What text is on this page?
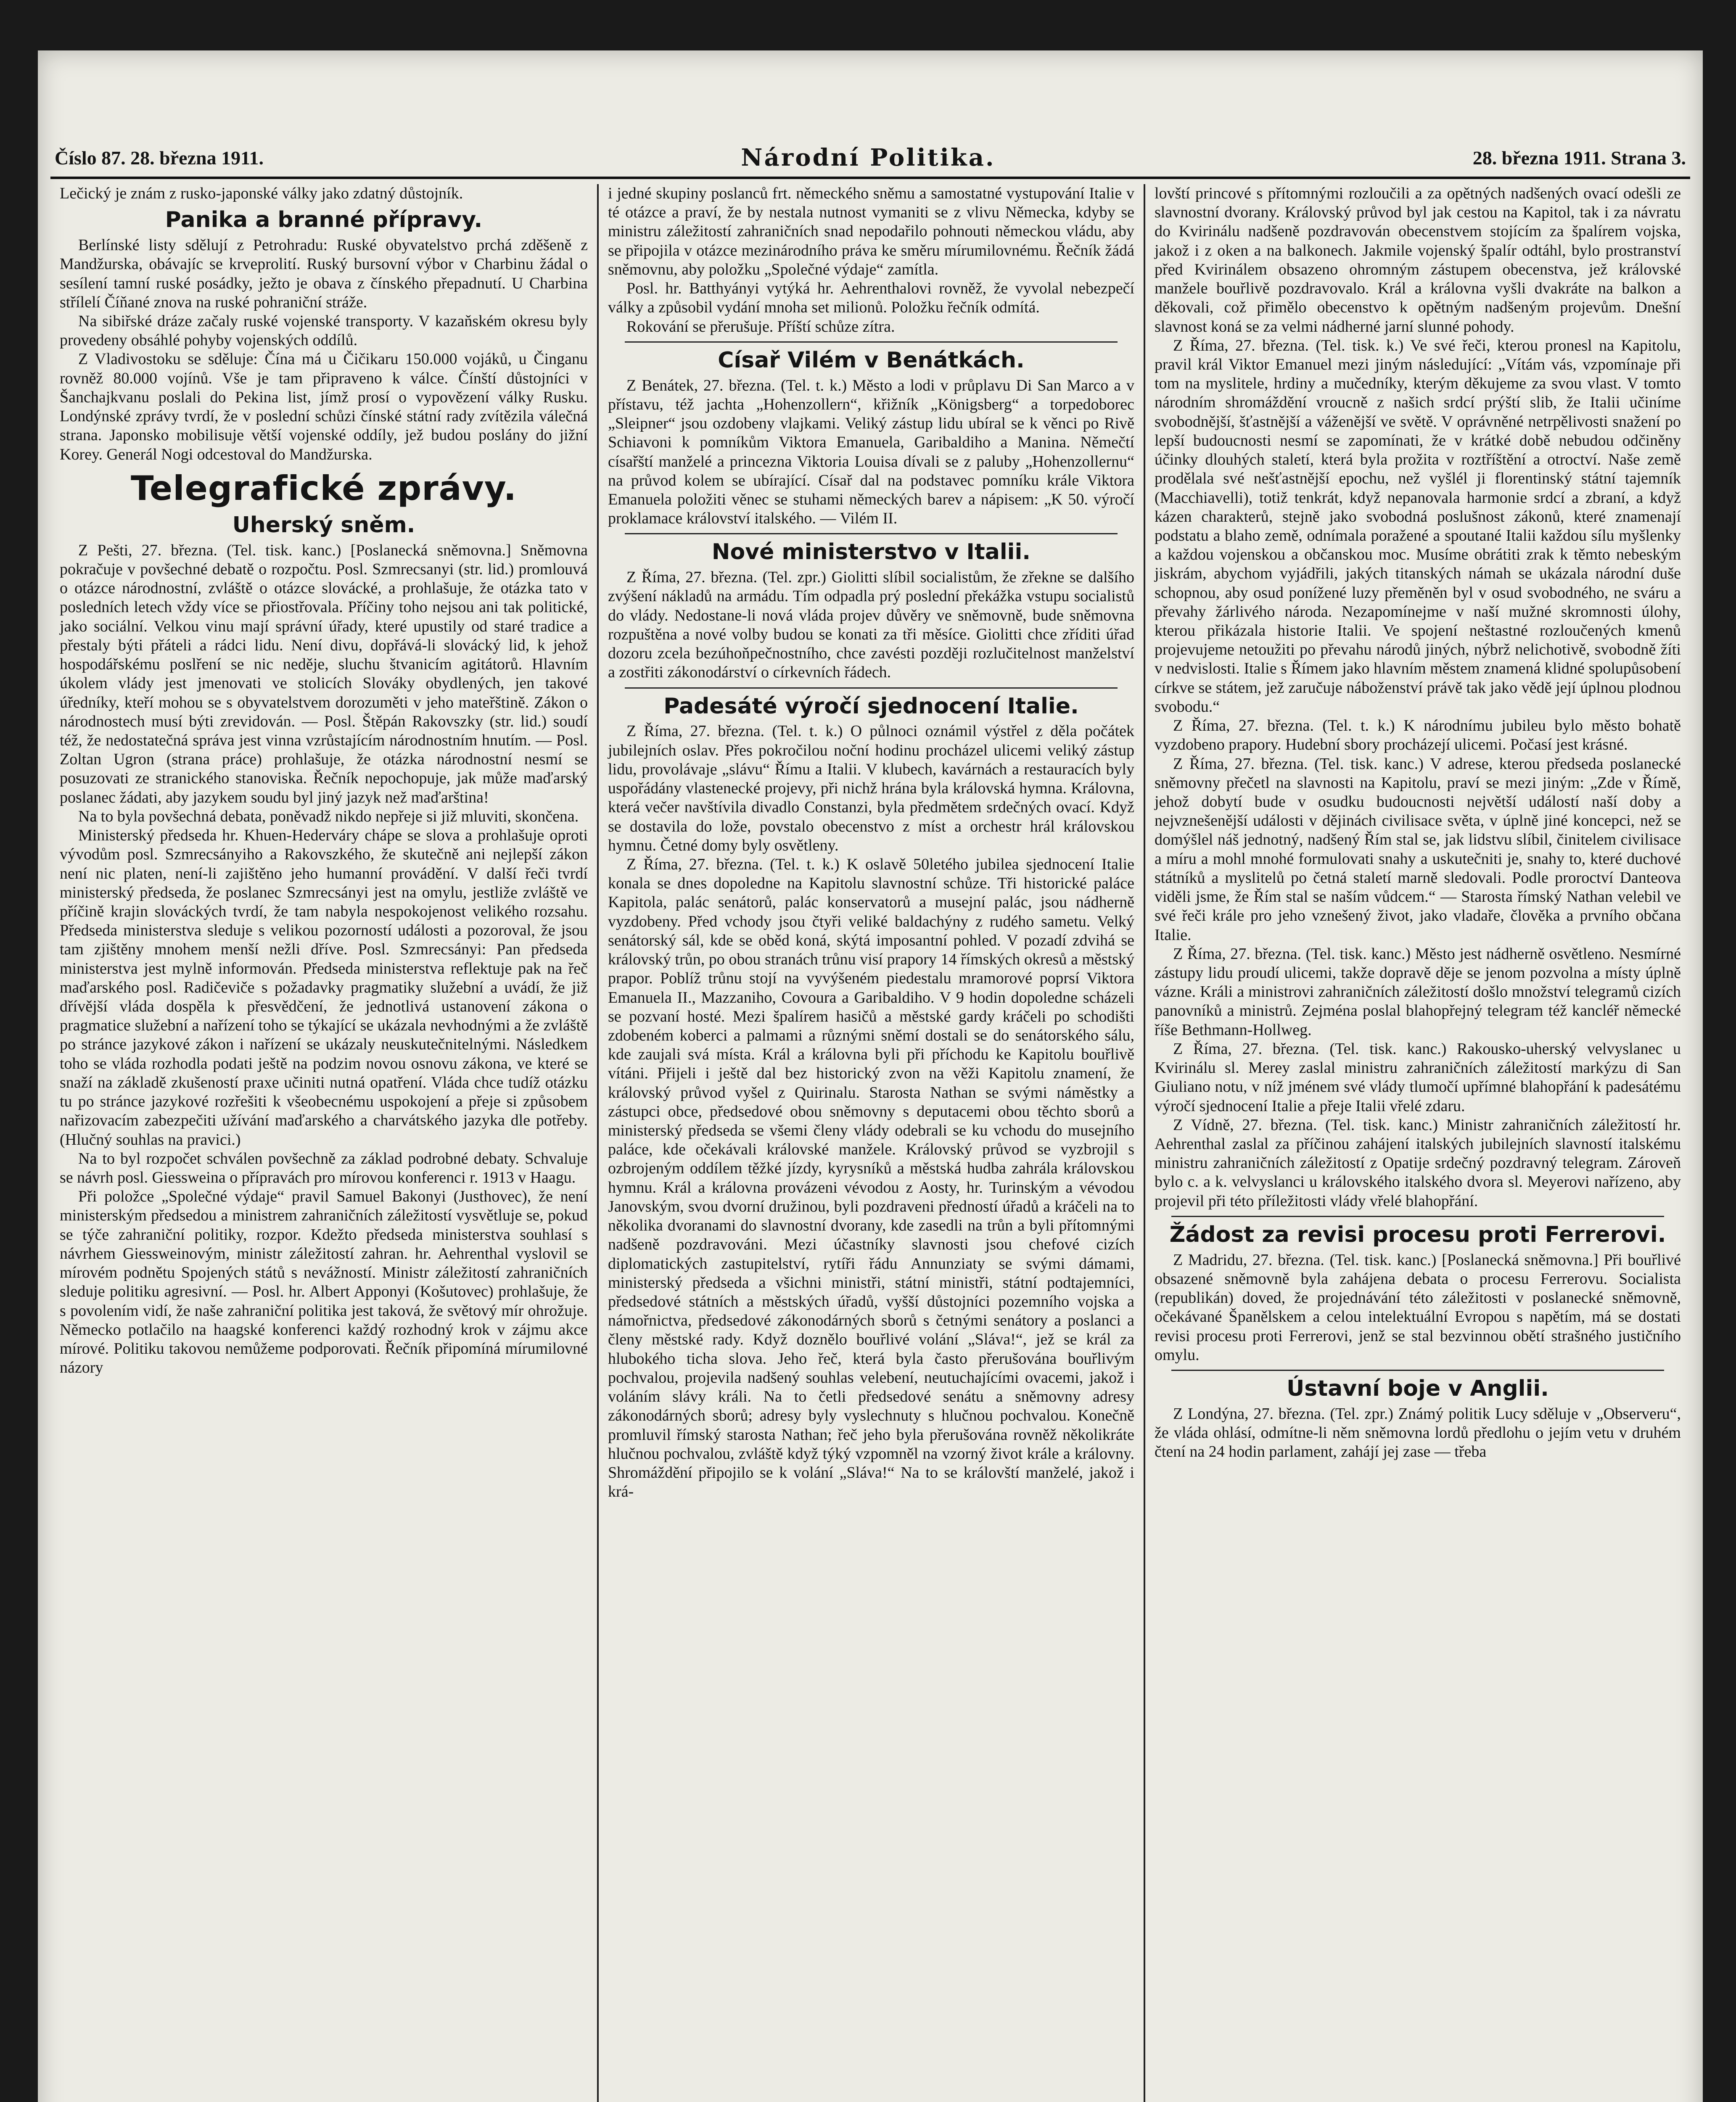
Číslo 87. 28. března 1911.	Národní Politika.	28. března 1911. Strana 3.

Lečický je znám z rusko-japonské války jako zdatný důstojník.

Panika a branné přípravy.

Berlínské listy sdělují z Petrohradu: Ruské obyvatelstvo prchá zděšeně z Mandžurska, obávajíc se krveprolití. Ruský bursovní výbor v Charbinu žádal o sesílení tamní ruské posádky, ježto je obava z čínského přepadnutí. U Charbina střílelí Číňané znova na ruské pohraniční stráže.

Na sibiřské dráze začaly ruské vojenské transporty. V kazaňském okresu byly provedeny obsáhlé pohyby vojenských oddílů.

Z Vladivostoku se sděluje: Čína má u Čičikaru 150.000 vojáků, u Činganu rovněž 80.000 vojínů. Vše je tam připraveno k válce. Čínští důstojníci v Šanchajkvanu poslali do Pekina list, jímž prosí o vypovězení války Rusku. Londýnské zprávy tvrdí, že v poslední schůzi čínské státní rady zvítězila válečná strana. Japonsko mobilisuje větší vojenské oddíly, jež budou poslány do jižní Korey. Generál Nogi odcestoval do Mandžurska.

Telegrafické zprávy.
Uherský sněm.

Z Pešti, 27. března. (Tel. tisk. kanc.) [Poslanecká sněmovna.] Sněmovna pokračuje v povšechné debatě o rozpočtu. Posl. Szmrecsanyi (str. lid.) promlouvá o otázce národnostní, zvláště o otázce slovácké, a prohlašuje, že otázka tato v posledních letech vždy více se přiostřovala. Příčiny toho nejsou ani tak politické, jako sociální. Velkou vinu mají správní úřady, které upustily od staré tradice a přestaly býti přáteli a rádci lidu. Není divu, dopřává-li slovácký lid, k jehož hospodářskému poslření se nic neděje, sluchu štvanicím agitátorů. Hlavním úkolem vlády jest jmenovati ve stolicích Slováky obydlených, jen takové úředníky, kteří mohou se s obyvatelstvem dorozuměti v jeho mateřštině. Zákon o národnostech musí býti zrevidován. — Posl. Štěpán Rakovszky (str. lid.) soudí též, že nedostatečná správa jest vinna vzrůstajícím národnostním hnutím. — Posl. Zoltan Ugron (strana práce) prohlašuje, že otázka národnostní nesmí se posuzovati ze stranického stanoviska. Řečník nepochopuje, jak může maďarský poslanec žádati, aby jazykem soudu byl jiný jazyk než maďarština!

Na to byla povšechná debata, poněvadž nikdo nepřeje si již mluviti, skončena.

Ministerský předseda hr. Khuen-Hederváry chápe se slova a prohlašuje oproti vývodům posl. Szmrecsányiho a Rakovszkého, že skutečně ani nejlepší zákon není nic platen, není-li zajištěno jeho humanní provádění. V další řeči tvrdí ministerský předseda, že poslanec Szmrecsányi jest na omylu, jestliže zvláště ve příčině krajin slováckých tvrdí, že tam nabyla nespokojenost velikého rozsahu. Předseda ministerstva sleduje s velikou pozorností události a pozoroval, že jsou tam zjištěny mnohem menší nežli dříve. Posl. Szmrecsányi: Pan předseda ministerstva jest mylně informován. Předseda ministerstva reflektuje pak na řeč maďarského posl. Radičeviče s požadavky pragmatiky služební a uvádí, že již dřívější vláda dospěla k přesvědčení, že jednotlivá ustanovení zákona o pragmatice služební a nařízení toho se týkající se ukázala nevhodnými a že zvláště po stránce jazykové zákon i nařízení se ukázaly neuskutečnitelnými. Následkem toho se vláda rozhodla podati ještě na podzim novou osnovu zákona, ve které se snaží na základě zkušeností praxe učiniti nutná opatření. Vláda chce tudíž otázku tu po stránce jazykové rozřešiti k všeobecnému uspokojení a přeje si způsobem nařizovacím zabezpečiti užívání maďarského a charvátského jazyka dle potřeby. (Hlučný souhlas na pravici.)

Na to byl rozpočet schválen povšechně za základ podrobné debaty. Schvaluje se návrh posl. Giessweina o přípravách pro mírovou konferenci r. 1913 v Haagu.

Při položce „Společné výdaje“ pravil Samuel Bakonyi (Justhovec), že není ministerským předsedou a ministrem zahraničních záležitostí vysvětluje se, pokud se týče zahraniční politiky, rozpor. Kdežto předseda ministerstva souhlasí s návrhem Giessweinovým, ministr záležitostí zahran. hr. Aehrenthal vyslovil se mírovém podnětu Spojených států s nevážností. Ministr záležitostí zahraničních sleduje politiku agresivní. — Posl. hr. Albert Apponyi (Košutovec) prohlašuje, že s povolením vidí, že naše zahraniční politika jest taková, že světový mír ohrožuje. Německo potlačilo na haagské konferenci každý rozhodný krok v zájmu akce mírové. Politiku takovou nemůžeme podporovati. Řečník připomíná mírumilovné názory

i jedné skupiny poslanců frt. německého sněmu a samostatné vystupování Italie v té otázce a praví, že by nestala nutnost vymaniti se z vlivu Německa, kdyby se ministru záležitostí zahraničních snad nepodařilo pohnouti německou vládu, aby se připojila v otázce mezinárodního práva ke směru mírumilovnému. Řečník žádá sněmovnu, aby položku „Společné výdaje“ zamítla.

Posl. hr. Batthyányi vytýká hr. Aehrenthalovi rovněž, že vyvolal nebezpečí války a způsobil vydání mnoha set milionů. Položku řečník odmítá.

Rokování se přerušuje. Příští schůze zítra.

Císař Vilém v Benátkách.

Z Benátek, 27. března. (Tel. t. k.) Město a lodi v průplavu Di San Marco a v přístavu, též jachta „Hohenzollern“, křižník „Königsberg“ a torpedoborec „Sleipner“ jsou ozdobeny vlajkami. Veliký zástup lidu ubíral se k věnci po Rivě Schiavoni k pomníkům Viktora Emanuela, Garibaldiho a Manina. Němečtí císařští manželé a princezna Viktoria Louisa dívali se z paluby „Hohenzollernu“ na průvod kolem se ubírající. Císař dal na podstavec pomníku krále Viktora Emanuela položiti věnec se stuhami německých barev a nápisem: „K 50. výročí proklamace království italského. — Vilém II.

Nové ministerstvo v Italii.

Z Říma, 27. března. (Tel. zpr.) Giolitti slíbil socialistům, že zřekne se dalšího zvýšení nákladů na armádu. Tím odpadla prý poslední překážka vstupu socialistů do vlády. Nedostane-li nová vláda projev důvěry ve sněmovně, bude sněmovna rozpuštěna a nové volby budou se konati za tři měsíce. Giolitti chce zříditi úřad dozoru zcela bezúhoňpečnostního, chce zavésti později rozlučitelnost manželství a zostřiti zákonodárství o církevních řádech.

Padesáté výročí sjednocení Italie.

Z Říma, 27. března. (Tel. t. k.) O půlnoci oznámil výstřel z děla počátek jubilejních oslav. Přes pokročilou noční hodinu procházel ulicemi veliký zástup lidu, provolávaje „slávu“ Římu a Italii. V klubech, kavárnách a restauracích byly uspořádány vlastenecké projevy, při nichž hrána byla královská hymna. Královna, která večer navštívila divadlo Constanzi, byla předmětem srdečných ovací. Když se dostavila do lože, povstalo obecenstvo z míst a orchestr hrál královskou hymnu. Četné domy byly osvětleny.

Z Říma, 27. března. (Tel. t. k.) K oslavě 50letého jubilea sjednocení Italie konala se dnes dopoledne na Kapitolu slavnostní schůze. Tři historické paláce Kapitola, palác senátorů, palác konservatorů a musejní palác, jsou nádherně vyzdobeny. Před vchody jsou čtyři veliké baldachýny z rudého sametu. Velký senátorský sál, kde se oběd koná, skýtá imposantní pohled. V pozadí zdvihá se královský trůn, po obou stranách trůnu visí prapory 14 římských okresů a městský prapor. Poblíž trůnu stojí na vyvýšeném piedestalu mramorové poprsí Viktora Emanuela II., Mazzaniho, Covoura a Garibaldiho. V 9 hodin dopoledne scházeli se pozvaní hosté. Mezi špalírem hasičů a městské gardy kráčeli po schodišti zdobeném koberci a palmami a různými sněmí dostali se do senátorského sálu, kde zaujali svá místa. Král a královna byli při příchodu ke Kapitolu bouřlivě vítáni. Přijeli i ještě dal bez historický zvon na věži Kapitolu znamení, že královský průvod vyšel z Quirinalu. Starosta Nathan se svými náměstky a zástupci obce, předsedové obou sněmovny s deputacemi obou těchto sborů a ministerský předseda se všemi členy vlády odebrali se ku vchodu do musejního paláce, kde očekávali královské manžele. Královský průvod se vyzbrojil s ozbrojeným oddílem těžké jízdy, kyrysníků a městská hudba zahrála královskou hymnu. Král a královna provázeni vévodou z Aosty, hr. Turinským a vévodou Janovským, svou dvorní družinou, byli pozdraveni předností úřadů a kráčeli na to několika dvoranami do slavnostní dvorany, kde zasedli na trůn a byli přítomnými nadšeně pozdravováni. Mezi účastníky slavnosti jsou chefové cizích diplomatických zastupitelství, rytíři řádu Annunziaty se svými dámami, ministerský předseda a všichni ministři, státní ministři, státní podtajemníci, předsedové státních a městských úřadů, vyšší důstojníci pozemního vojska a námořnictva, předsedové zákonodárných sborů s četnými senátory a poslanci a členy městské rady. Když doznělo bouřlivé volání „Sláva!“, jež se král za hlubokého ticha slova. Jeho řeč, která byla často přerušována bouřlivým pochvalou, projevila nadšený souhlas velebení, neutuchajícími ovacemi, jakož i voláním slávy králi. Na to četli předsedové senátu a sněmovny adresy zákonodárných sborů; adresy byly vyslechnuty s hlučnou pochvalou. Konečně promluvil římský starosta Nathan; řeč jeho byla přerušována rovněž několikráte hlučnou pochvalou, zvláště když týký vzpomněl na vzorný život krále a královny. Shromáždění připojilo se k volání „Sláva!“ Na to se královští manželé, jakož i krá-

lovští princové s přítomnými rozloučili a za opětných nadšených ovací odešli ze slavnostní dvorany. Královský průvod byl jak cestou na Kapitol, tak i za návratu do Kvirinálu nadšeně pozdravován obecenstvem stojícím za špalírem vojska, jakož i z oken a na balkonech. Jakmile vojenský špalír odtáhl, bylo prostranství před Kvirinálem obsazeno ohromným zástupem obecenstva, jež královské manžele bouřlivě pozdravovalo. Král a královna vyšli dvakráte na balkon a děkovali, což přimělo obecenstvo k opětným nadšeným projevům. Dnešní slavnost koná se za velmi nádherné jarní slunné pohody.

Z Říma, 27. března. (Tel. tisk. k.) Ve své řeči, kterou pronesl na Kapitolu, pravil král Viktor Emanuel mezi jiným následující: „Vítám vás, vzpomínaje při tom na myslitele, hrdiny a mučedníky, kterým děkujeme za svou vlast. V tomto národním shromáždění vroucně z našich srdcí prýští slib, že Italii učiníme svobodnější, šťastnější a váženější ve světě. V oprávněné netrpělivosti snažení po lepší budoucnosti nesmí se zapomínati, že v krátké době nebudou odčiněny účinky dlouhých staletí, která byla prožita v roztříštění a otroctví. Naše země prodělala své nešťastnější epochu, než vyšlél ji florentinský státní tajemník (Macchiavelli), totiž tenkrát, když nepanovala harmonie srdcí a zbraní, a když kázen charakterů, stejně jako svobodná poslušnost zákonů, které znamenají podstatu a blaho země, odnímala poražené a spoutané Italii každou sílu myšlenky a každou vojenskou a občanskou moc. Musíme obrátiti zrak k těmto nebeským jiskrám, abychom vyjádřili, jakých titanských námah se ukázala národní duše schopnou, aby osud ponížené luzy přeměněn byl v osud svobodného, ne sváru a převahy žárlivého národa. Nezapomínejme v naší mužné skromnosti úlohy, kterou přikázala historie Italii. Ve spojení neštastné rozloučených kmenů projevujeme netoužiti po převahu národů jiných, nýbrž nelichotivě, svobodně žíti v nedvislosti. Italie s Římem jako hlavním městem znamená klidné spolupůsobení církve se státem, jež zaručuje náboženství právě tak jako vědě její úplnou plodnou svobodu.“

Z Říma, 27. března. (Tel. t. k.) K národnímu jubileu bylo město bohatě vyzdobeno prapory. Hudební sbory procházejí ulicemi. Počasí jest krásné.

Z Říma, 27. března. (Tel. tisk. kanc.) V adrese, kterou předseda poslanecké sněmovny přečetl na slavnosti na Kapitolu, praví se mezi jiným: „Zde v Římě, jehož dobytí bude v osudku budoucnosti největší událostí naší doby a nejvznešenější události v dějinách civilisace světa, v úplně jiné koncepci, než se domýšlel náš jednotný, nadšený Řím stal se, jak lidstvu slíbil, činitelem civilisace a míru a mohl mnohé formulovati snahy a uskutečniti je, snahy to, které duchové státníků a myslitelů po četná staletí marně sledovali. Podle proroctví Danteova viděli jsme, že Řím stal se naším vůdcem.“ — Starosta římský Nathan velebil ve své řeči krále pro jeho vznešený život, jako vladaře, člověka a prvního občana Italie.

Z Říma, 27. března. (Tel. tisk. kanc.) Město jest nádherně osvětleno. Nesmírné zástupy lidu proudí ulicemi, takže dopravě děje se jenom pozvolna a místy úplně vázne. Králi a ministrovi zahraničních záležitostí došlo množství telegramů cizích panovníků a ministrů. Zejména poslal blahopřejný telegram též kancléř německé říše Bethmann-Hollweg.

Z Říma, 27. března. (Tel. tisk. kanc.) Rakousko-uherský velvyslanec u Kvirinálu sl. Merey zaslal ministru zahraničních záležitostí markýzu di San Giuliano notu, v níž jménem své vlády tlumočí upřímné blahopřání k padesátému výročí sjednocení Italie a přeje Italii vřelé zdaru.

Z Vídně, 27. března. (Tel. tisk. kanc.) Ministr zahraničních záležitostí hr. Aehrenthal zaslal za příčinou zahájení italských jubilejních slavností italskému ministru zahraničních záležitostí z Opatije srdečný pozdravný telegram. Zároveň bylo c. a k. velvyslanci u královského italského dvora sl. Meyerovi nařízeno, aby projevil při této příležitosti vlády vřelé blahopřání.

Žádost za revisi procesu proti Ferrerovi.

Z Madridu, 27. března. (Tel. tisk. kanc.) [Poslanecká sněmovna.] Při bouřlivé obsazené sněmovně byla zahájena debata o procesu Ferrerovu. Socialista (republikán) doved, že projednávání této záležitosti v poslanecké sněmovně, očekávané Španělskem a celou intelektuální Evropou s napětím, má se dostati revisi procesu proti Ferrerovi, jenž se stal bezvinnou obětí strašného justičního omylu.

Ústavní boje v Anglii.

Z Londýna, 27. března. (Tel. zpr.) Známý politik Lucy sděluje v „Observeru“, že vláda ohlásí, odmítne-li něm sněmovna lordů předlohu o jejím vetu v druhém čtení na 24 hodin parlament, zahájí jej zase — třeba
